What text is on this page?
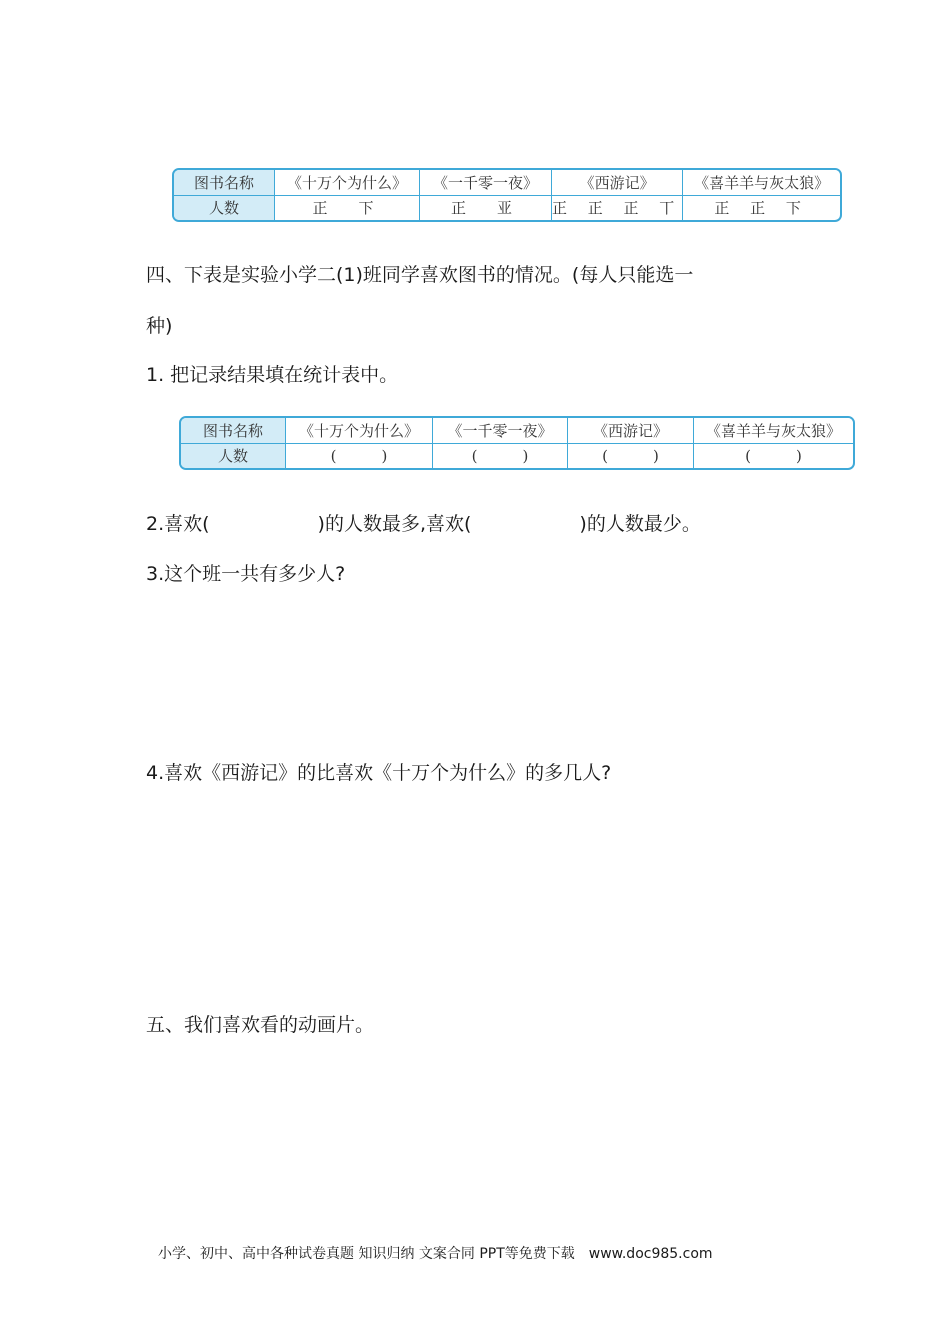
图书名称	《十万个为什么》	《一千零一夜》	《西游记》	《喜羊羊与灰太狼》
人数	正　下	正　亚	正 正 正 丅	正 正 下
四、下表是实验小学二(1)班同学喜欢图书的情况。(每人只能选一
种)
1. 把记录结果填在统计表中。
图书名称	《十万个为什么》	《一千零一夜》	《西游记》	《喜羊羊与灰太狼》
人数	(　　　)	(　　　)	(　　　)	(　　　)
2.喜欢(	)的人数最多,喜欢(	)的人数最少。
3.这个班一共有多少人?
4.喜欢《西游记》的比喜欢《十万个为什么》的多几人?
五、我们喜欢看的动画片。
小学、初中、高中各种试卷真题 知识归纳 文案合同 PPT等免费下载　www.doc985.com
